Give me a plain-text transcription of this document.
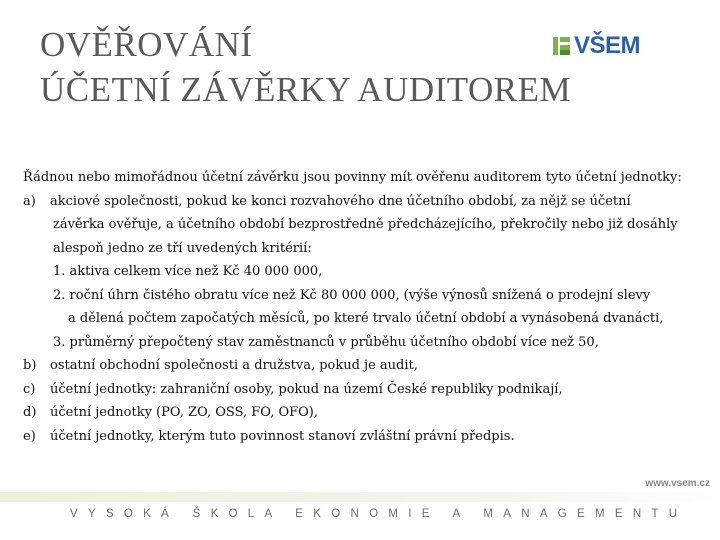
OVĚŘOVÁNÍ
ÚČETNÍ ZÁVĚRKY AUDITOREM
VŠEM
Řádnou nebo mimořádnou účetní závěrku jsou povinny mít ověřenu auditorem tyto účetní jednotky:
a)	akciové společnosti, pokud ke konci rozvahového dne účetního období, za nějž se účetní
závěrka ověřuje, a účetního období bezprostředně předcházejícího, překročily nebo již dosáhly
alespoň jedno ze tří uvedených kritérií:
1. aktiva celkem více než Kč 40 000 000,
2. roční úhrn čistého obratu více než Kč 80 000 000, (výše výnosů snížená o prodejní slevy
a dělená počtem započatých měsíců, po které trvalo účetní období a vynásobená dvanácti,
3. průměrný přepočtený stav zaměstnanců v průběhu účetního období více než 50,
b)	ostatní obchodní společnosti a družstva, pokud je audit,
c)	účetní jednotky: zahraniční osoby, pokud na území České republiky podnikají,
d)	účetní jednotky (PO, ZO, OSS, FO, OFO),
e)	účetní jednotky, kterým tuto povinnost stanoví zvláštní právní předpis.
www.vsem.cz
VYSOKÁ ŠKOLA EKONOMIE A MANAGEMENTU
